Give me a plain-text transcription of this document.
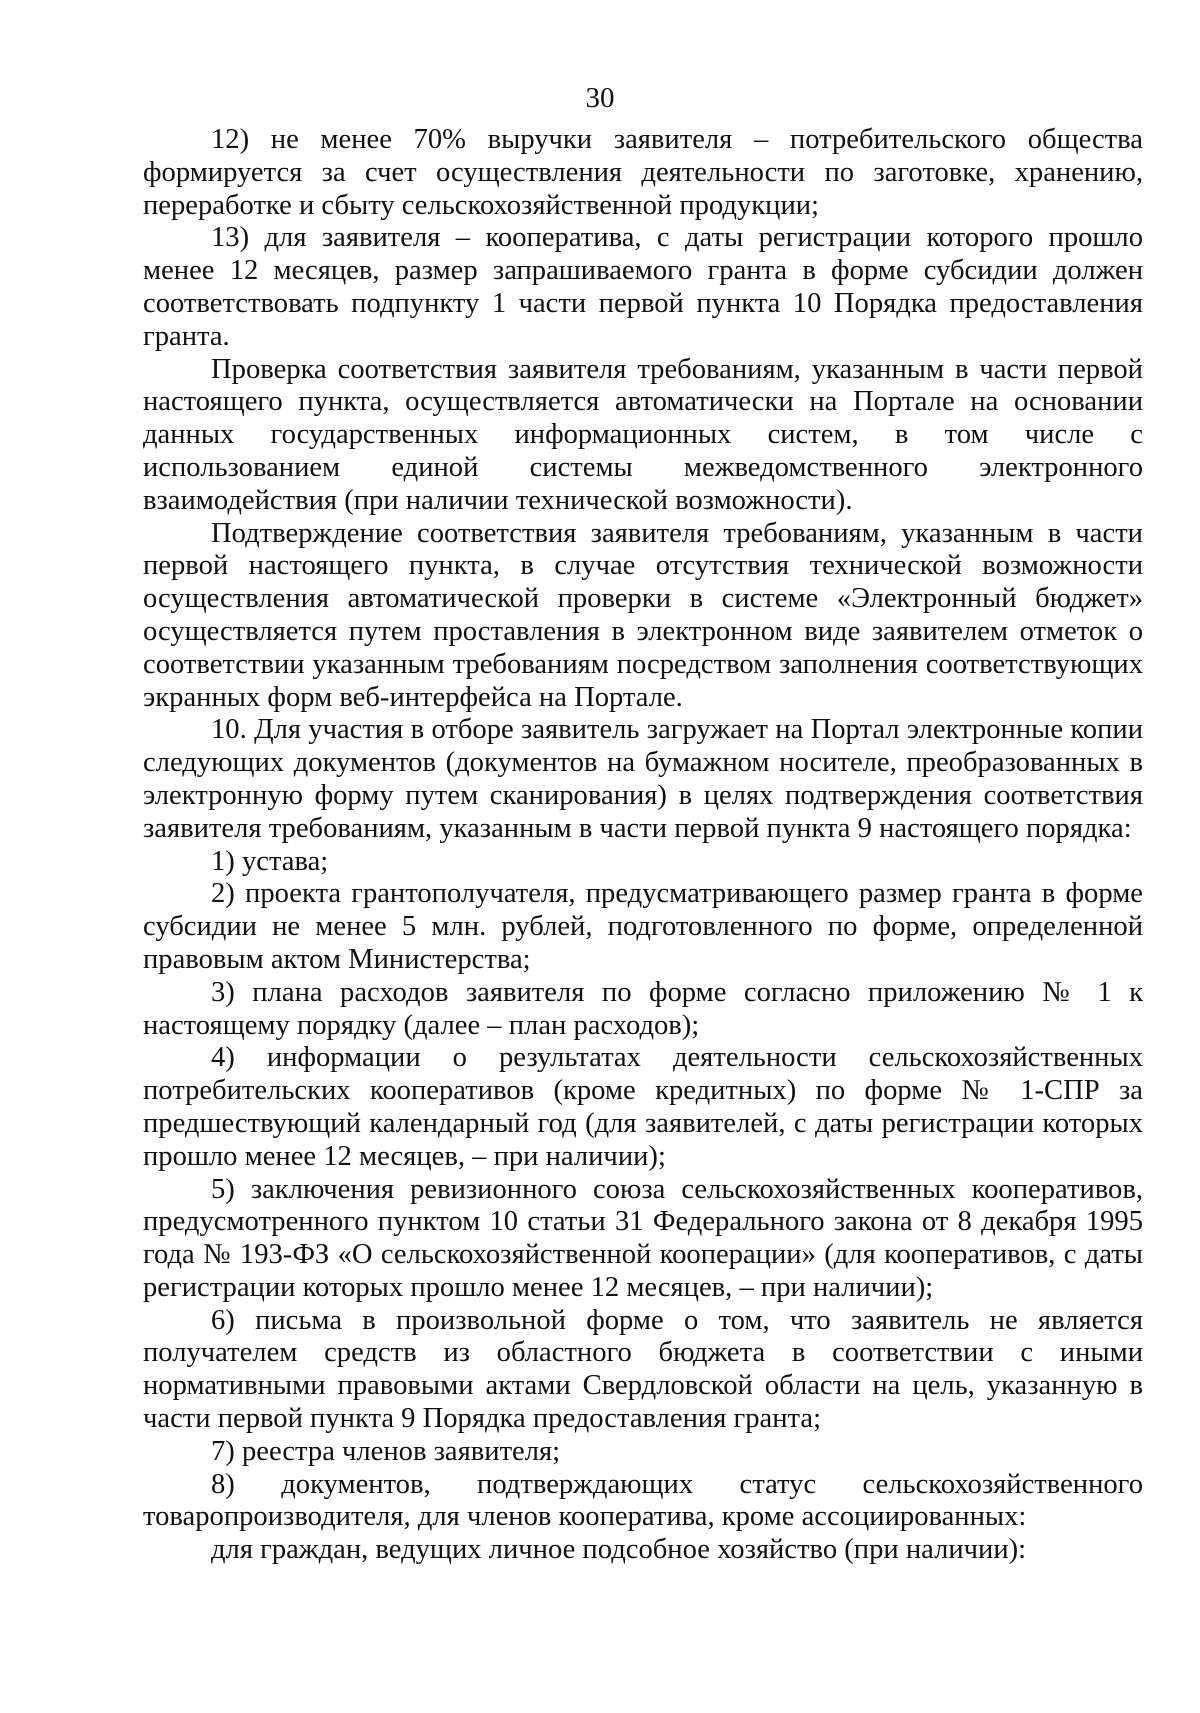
30

12) не менее 70% выручки заявителя – потребительского общества формируется за счет осуществления деятельности по заготовке, хранению, переработке и сбыту сельскохозяйственной продукции;

13) для заявителя – кооператива, с даты регистрации которого прошло менее 12 месяцев, размер запрашиваемого гранта в форме субсидии должен соответствовать подпункту 1 части первой пункта 10 Порядка предоставления гранта.

Проверка соответствия заявителя требованиям, указанным в части первой настоящего пункта, осуществляется автоматически на Портале на основании данных государственных информационных систем, в том числе с использованием единой системы межведомственного электронного взаимодействия (при наличии технической возможности).

Подтверждение соответствия заявителя требованиям, указанным в части первой настоящего пункта, в случае отсутствия технической возможности осуществления автоматической проверки в системе «Электронный бюджет» осуществляется путем проставления в электронном виде заявителем отметок о соответствии указанным требованиям посредством заполнения соответствующих экранных форм веб-интерфейса на Портале.

10. Для участия в отборе заявитель загружает на Портал электронные копии следующих документов (документов на бумажном носителе, преобразованных в электронную форму путем сканирования) в целях подтверждения соответствия заявителя требованиям, указанным в части первой пункта 9 настоящего порядка:

1) устава;

2) проекта грантополучателя, предусматривающего размер гранта в форме субсидии не менее 5 млн. рублей, подготовленного по форме, определенной правовым актом Министерства;

3) плана расходов заявителя по форме согласно приложению № 1 к настоящему порядку (далее – план расходов);

4) информации о результатах деятельности сельскохозяйственных потребительских кооперативов (кроме кредитных) по форме № 1-СПР за предшествующий календарный год (для заявителей, с даты регистрации которых прошло менее 12 месяцев, – при наличии);

5) заключения ревизионного союза сельскохозяйственных кооперативов, предусмотренного пунктом 10 статьи 31 Федерального закона от 8 декабря 1995 года № 193-ФЗ «О сельскохозяйственной кооперации» (для кооперативов, с даты регистрации которых прошло менее 12 месяцев, – при наличии);

6) письма в произвольной форме о том, что заявитель не является получателем средств из областного бюджета в соответствии с иными нормативными правовыми актами Свердловской области на цель, указанную в части первой пункта 9 Порядка предоставления гранта;

7) реестра членов заявителя;

8) документов, подтверждающих статус сельскохозяйственного товаропроизводителя, для членов кооператива, кроме ассоциированных:

для граждан, ведущих личное подсобное хозяйство (при наличии):
